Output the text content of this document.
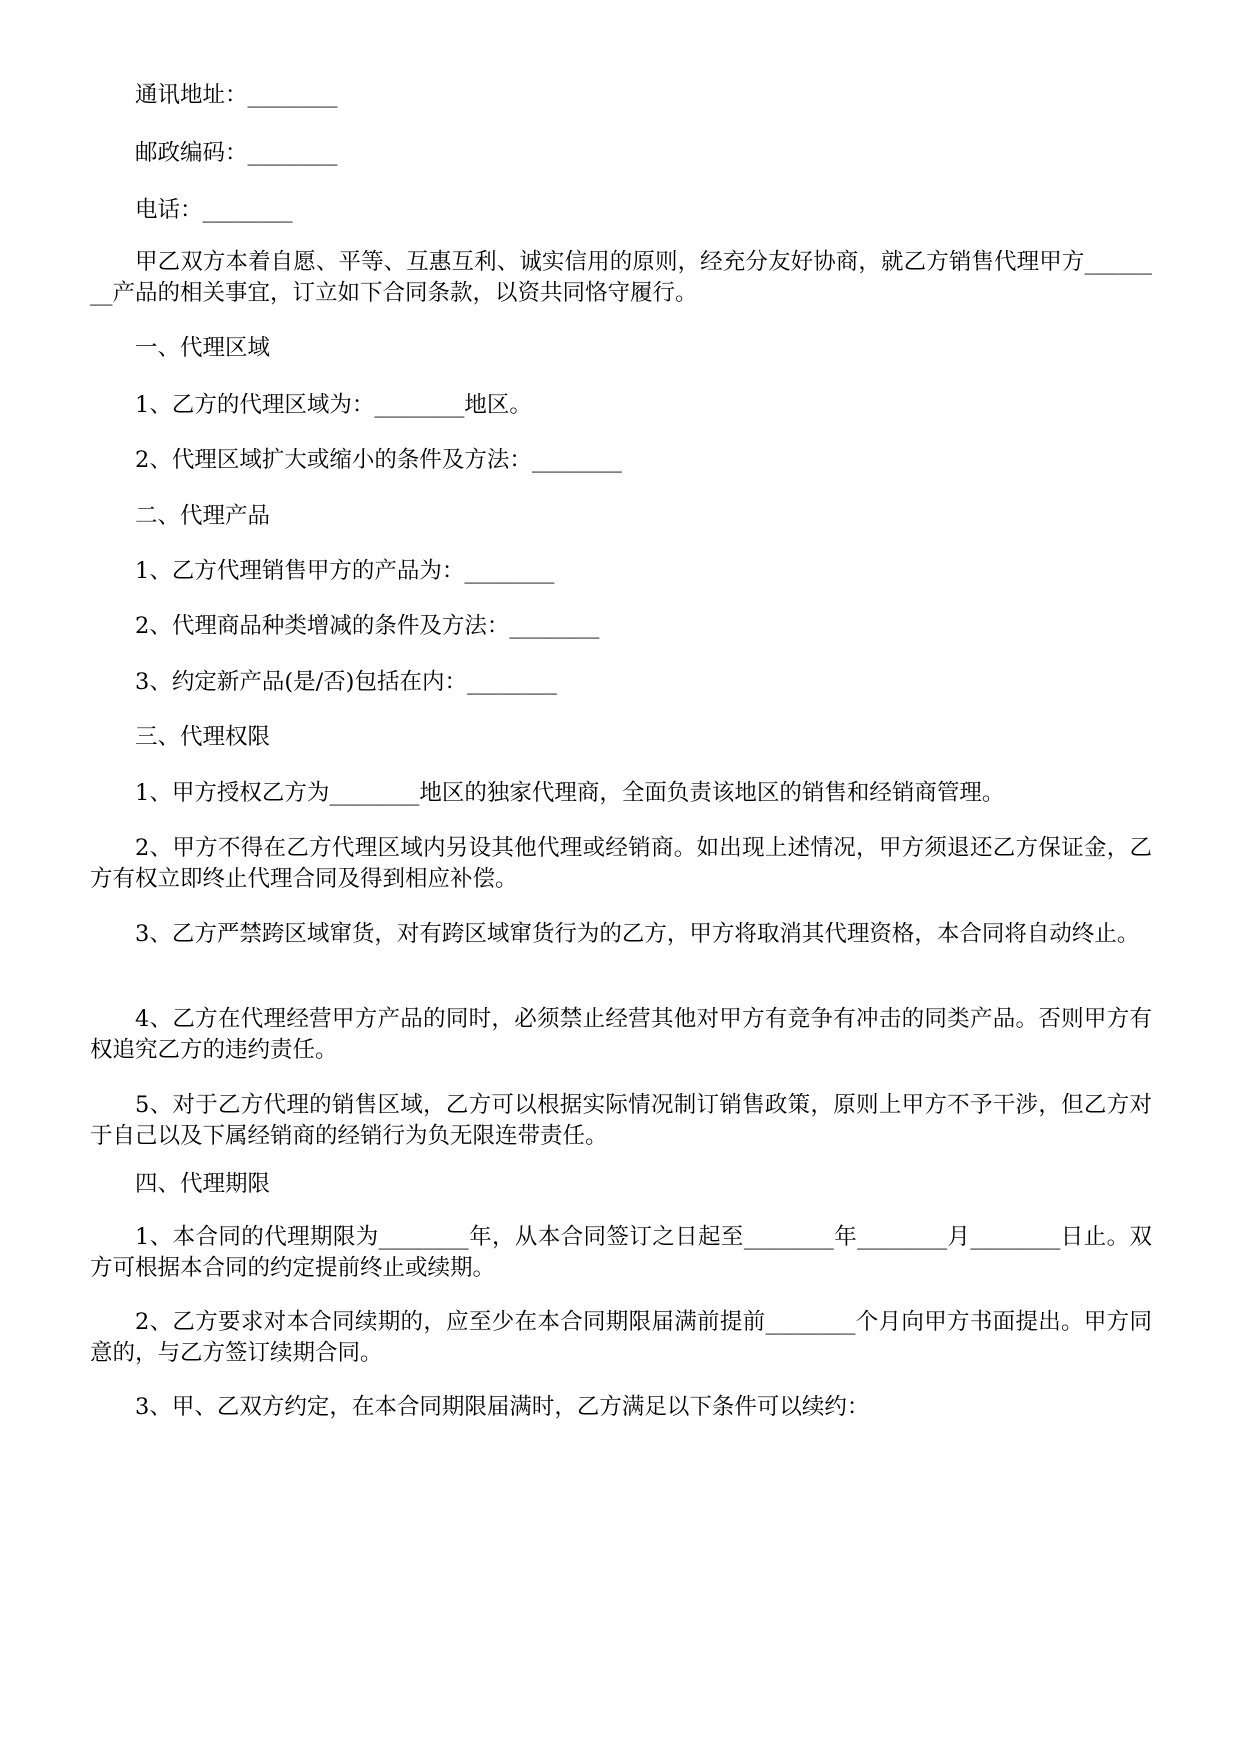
通讯地址：________

邮政编码：________

电话：________

甲乙双方本着自愿、平等、互惠互利、诚实信用的原则，经充分友好协商，就乙方销售代理甲方________产品的相关事宜，订立如下合同条款，以资共同恪守履行。

一、代理区域

1、乙方的代理区域为：________地区。

2、代理区域扩大或缩小的条件及方法：________

二、代理产品

1、乙方代理销售甲方的产品为：________

2、代理商品种类增减的条件及方法：________

3、约定新产品(是/否)包括在内：________

三、代理权限

1、甲方授权乙方为________地区的独家代理商，全面负责该地区的销售和经销商管理。

2、甲方不得在乙方代理区域内另设其他代理或经销商。如出现上述情况，甲方须退还乙方保证金，乙方有权立即终止代理合同及得到相应补偿。

3、乙方严禁跨区域窜货，对有跨区域窜货行为的乙方，甲方将取消其代理资格，本合同将自动终止。

4、乙方在代理经营甲方产品的同时，必须禁止经营其他对甲方有竞争有冲击的同类产品。否则甲方有权追究乙方的违约责任。

5、对于乙方代理的销售区域，乙方可以根据实际情况制订销售政策，原则上甲方不予干涉，但乙方对于自己以及下属经销商的经销行为负无限连带责任。

四、代理期限

1、本合同的代理期限为________年，从本合同签订之日起至________年________月________日止。双方可根据本合同的约定提前终止或续期。

2、乙方要求对本合同续期的，应至少在本合同期限届满前提前________个月向甲方书面提出。甲方同意的，与乙方签订续期合同。

3、甲、乙双方约定，在本合同期限届满时，乙方满足以下条件可以续约：
